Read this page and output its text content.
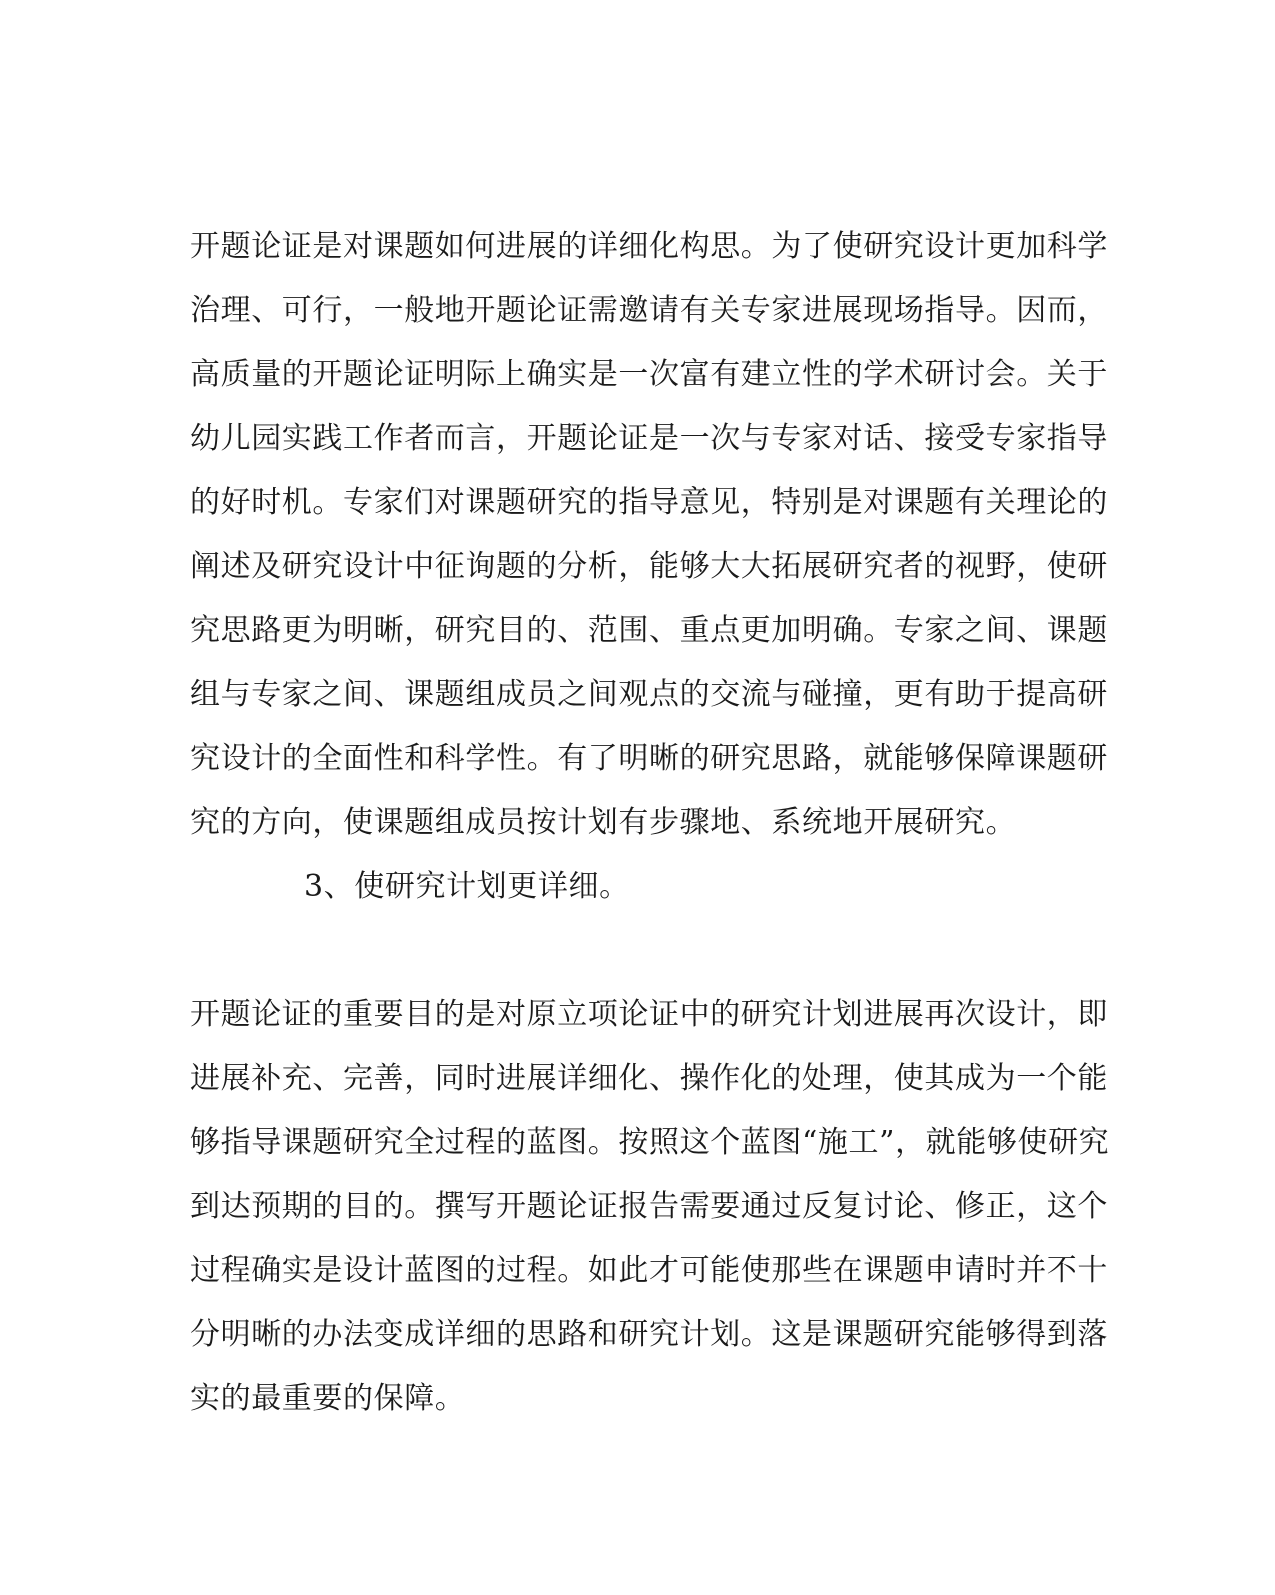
开题论证是对课题如何进展的详细化构思。为了使研究设计更加科学
治理、可行，一般地开题论证需邀请有关专家进展现场指导。因而，
高质量的开题论证明际上确实是一次富有建立性的学术研讨会。关于
幼儿园实践工作者而言，开题论证是一次与专家对话、接受专家指导
的好时机。专家们对课题研究的指导意见，特别是对课题有关理论的
阐述及研究设计中征询题的分析，能够大大拓展研究者的视野，使研
究思路更为明晰，研究目的、范围、重点更加明确。专家之间、课题
组与专家之间、课题组成员之间观点的交流与碰撞，更有助于提高研
究设计的全面性和科学性。有了明晰的研究思路，就能够保障课题研
究的方向，使课题组成员按计划有步骤地、系统地开展研究。
3、使研究计划更详细。
开题论证的重要目的是对原立项论证中的研究计划进展再次设计，即
进展补充、完善，同时进展详细化、操作化的处理，使其成为一个能
够指导课题研究全过程的蓝图。按照这个蓝图“施工”，就能够使研究
到达预期的目的。撰写开题论证报告需要通过反复讨论、修正，这个
过程确实是设计蓝图的过程。如此才可能使那些在课题申请时并不十
分明晰的办法变成详细的思路和研究计划。这是课题研究能够得到落
实的最重要的保障。
